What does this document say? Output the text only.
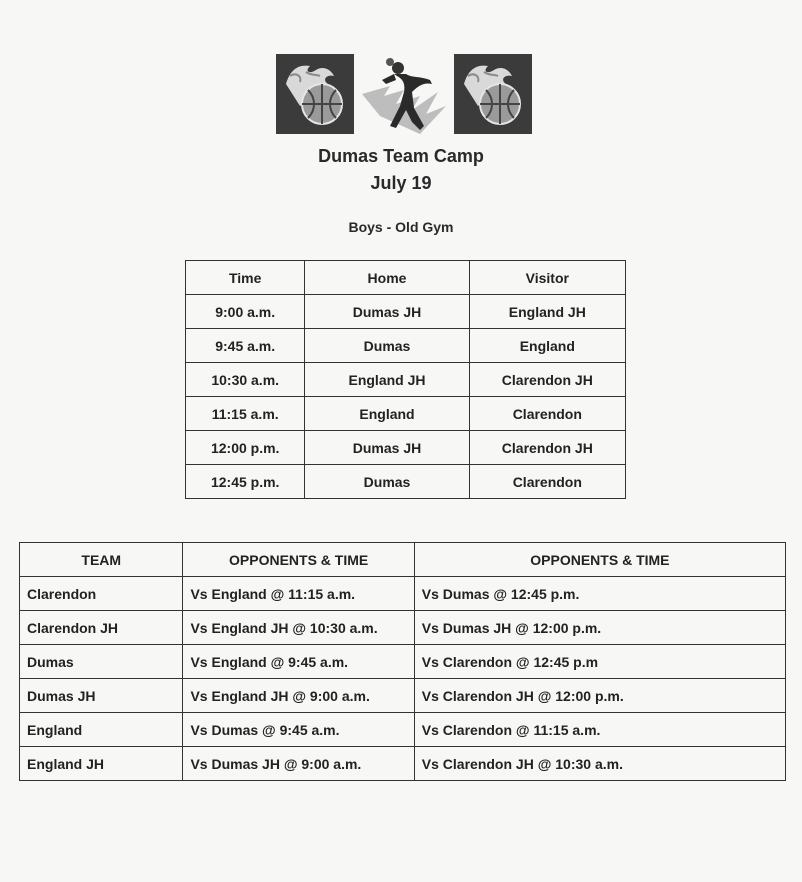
Dumas Team Camp
July 19
Boys - Old Gym
Time	Home	Visitor
9:00 a.m.	Dumas JH	England JH
9:45 a.m.	Dumas	England
10:30 a.m.	England JH	Clarendon JH
11:15 a.m.	England	Clarendon
12:00 p.m.	Dumas JH	Clarendon JH
12:45 p.m.	Dumas	Clarendon
TEAM	OPPONENTS & TIME	OPPONENTS & TIME
Clarendon	Vs England @ 11:15 a.m.	Vs Dumas @ 12:45 p.m.
Clarendon JH	Vs England JH @ 10:30 a.m.	Vs Dumas JH @ 12:00 p.m.
Dumas	Vs England @ 9:45 a.m.	Vs Clarendon @ 12:45 p.m
Dumas JH	Vs England JH @ 9:00 a.m.	Vs Clarendon JH @ 12:00 p.m.
England	Vs Dumas @ 9:45 a.m.	Vs Clarendon @ 11:15 a.m.
England JH	Vs Dumas JH @ 9:00 a.m.	Vs Clarendon JH @ 10:30 a.m.
